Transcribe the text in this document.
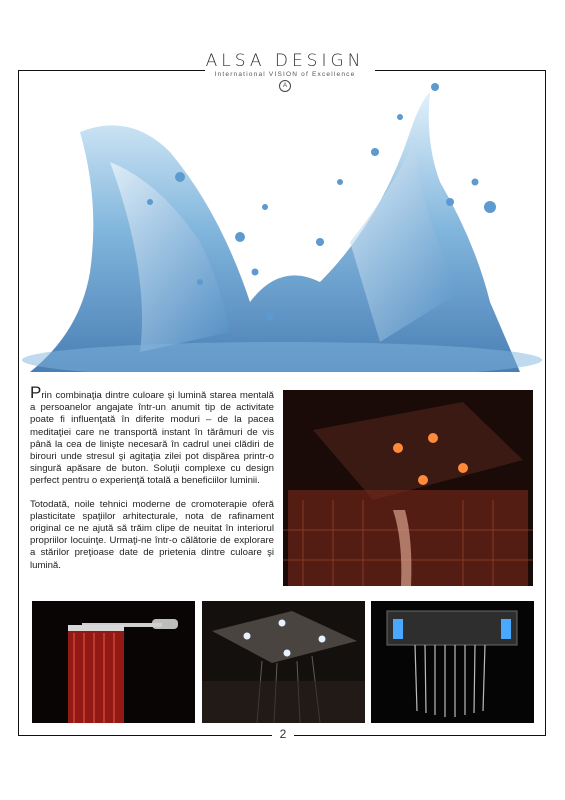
ALSA DESIGN
International VISION of Excellence
A

Prin combinaţia dintre culoare şi lumină starea mentală a persoanelor angajate într-un anumit tip de activitate poate fi influenţată în diferite moduri – de la pacea meditaţiei care ne transportă instant în tărâmuri de vis până la cea de linişte necesară în cadrul unei clădiri de birouri unde stresul şi agitaţia zilei pot dispărea printr-o singură apăsare de buton. Soluţii complexe cu design perfect pentru o experienţă totală a beneficiilor luminii.

Totodată, noile tehnici moderne de cromoterapie oferă plasticitate spaţiilor arhitecturale, nota de rafinament original ce ne ajută să trăim clipe de neuitat în interiorul propriilor locuinţe. Urmaţi-ne într-o călătorie de explorare a stărilor preţioase date de prietenia dintre culoare şi lumină.

2
